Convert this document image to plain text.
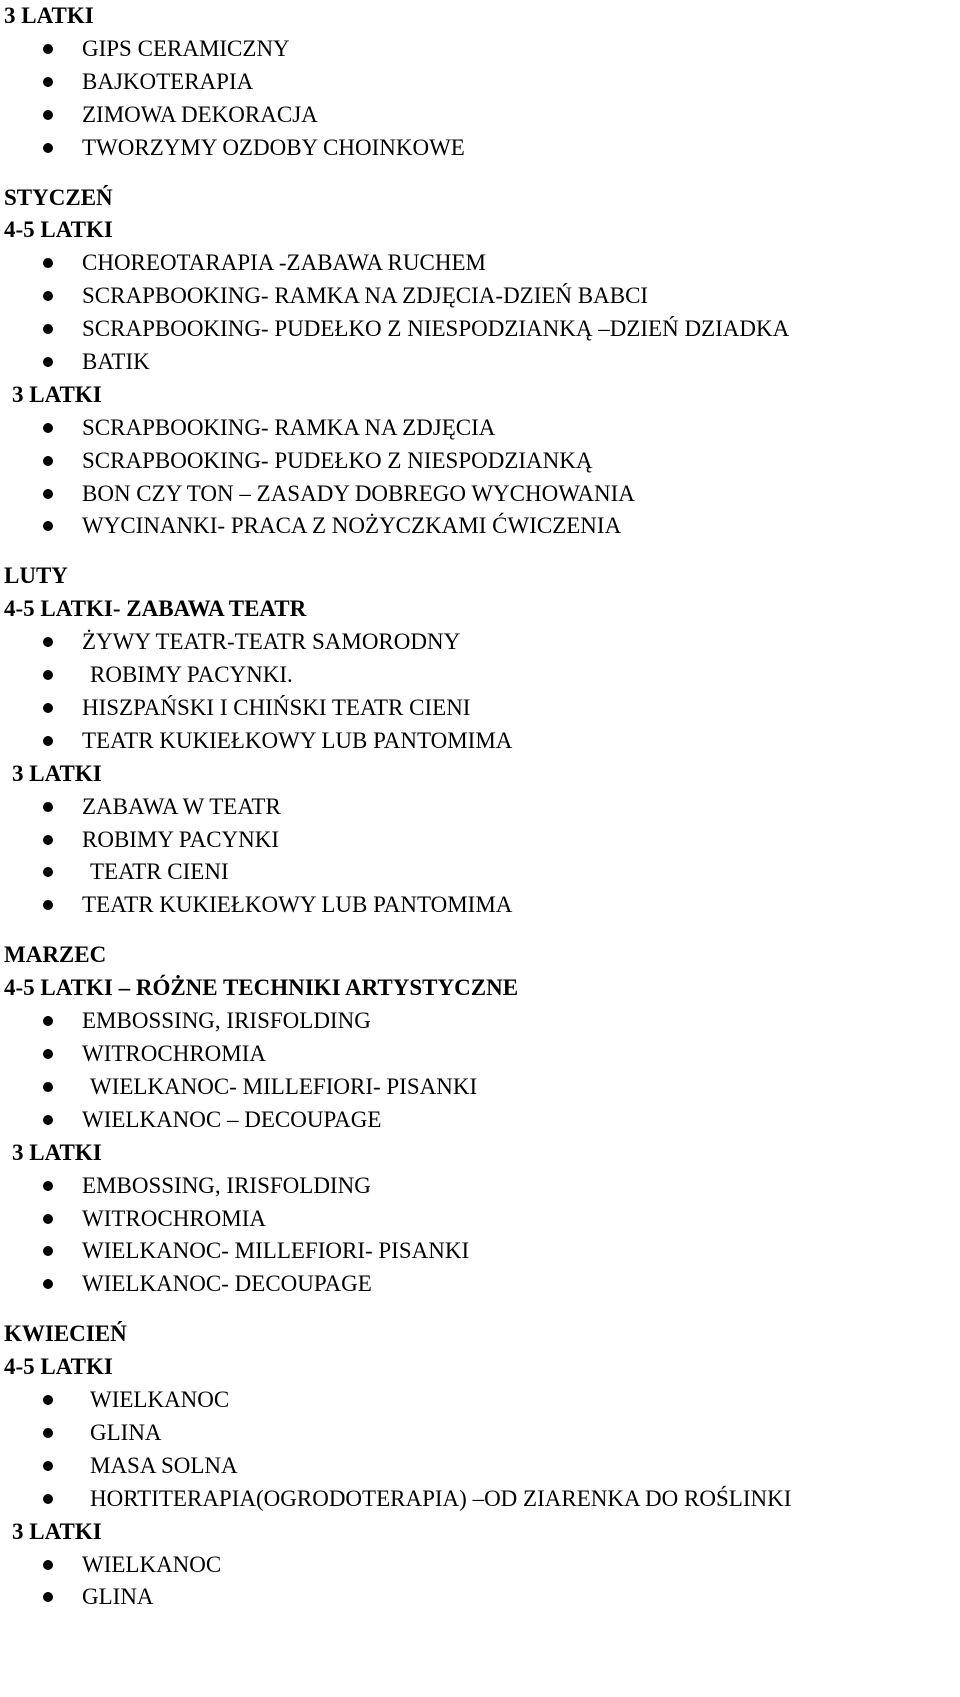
3 LATKI
GIPS CERAMICZNY
BAJKOTERAPIA
ZIMOWA DEKORACJA
TWORZYMY OZDOBY CHOINKOWE
STYCZEŃ
4-5 LATKI
CHOREOTARAPIA -ZABAWA RUCHEM
SCRAPBOOKING- RAMKA NA ZDJĘCIA-DZIEŃ BABCI
SCRAPBOOKING- PUDEŁKO Z NIESPODZIANKĄ –DZIEŃ DZIADKA
BATIK
3 LATKI
SCRAPBOOKING- RAMKA NA ZDJĘCIA
SCRAPBOOKING- PUDEŁKO Z NIESPODZIANKĄ
BON CZY TON – ZASADY DOBREGO WYCHOWANIA
WYCINANKI- PRACA Z NOŻYCZKAMI ĆWICZENIA
LUTY
4-5 LATKI- ZABAWA TEATR
ŻYWY TEATR-TEATR SAMORODNY
ROBIMY PACYNKI.
HISZPAŃSKI I CHIŃSKI TEATR CIENI
TEATR KUKIEŁKOWY LUB PANTOMIMA
3 LATKI
ZABAWA W TEATR
ROBIMY PACYNKI
TEATR CIENI
TEATR KUKIEŁKOWY LUB PANTOMIMA
MARZEC
4-5 LATKI – RÓŻNE TECHNIKI ARTYSTYCZNE
EMBOSSING, IRISFOLDING
WITROCHROMIA
WIELKANOC- MILLEFIORI- PISANKI
WIELKANOC – DECOUPAGE
3 LATKI
EMBOSSING, IRISFOLDING
WITROCHROMIA
WIELKANOC- MILLEFIORI- PISANKI
WIELKANOC- DECOUPAGE
KWIECIEŃ
4-5 LATKI
WIELKANOC
GLINA
MASA SOLNA
HORTITERAPIA(OGRODOTERAPIA) –OD ZIARENKA DO ROŚLINKI
3 LATKI
WIELKANOC
GLINA
